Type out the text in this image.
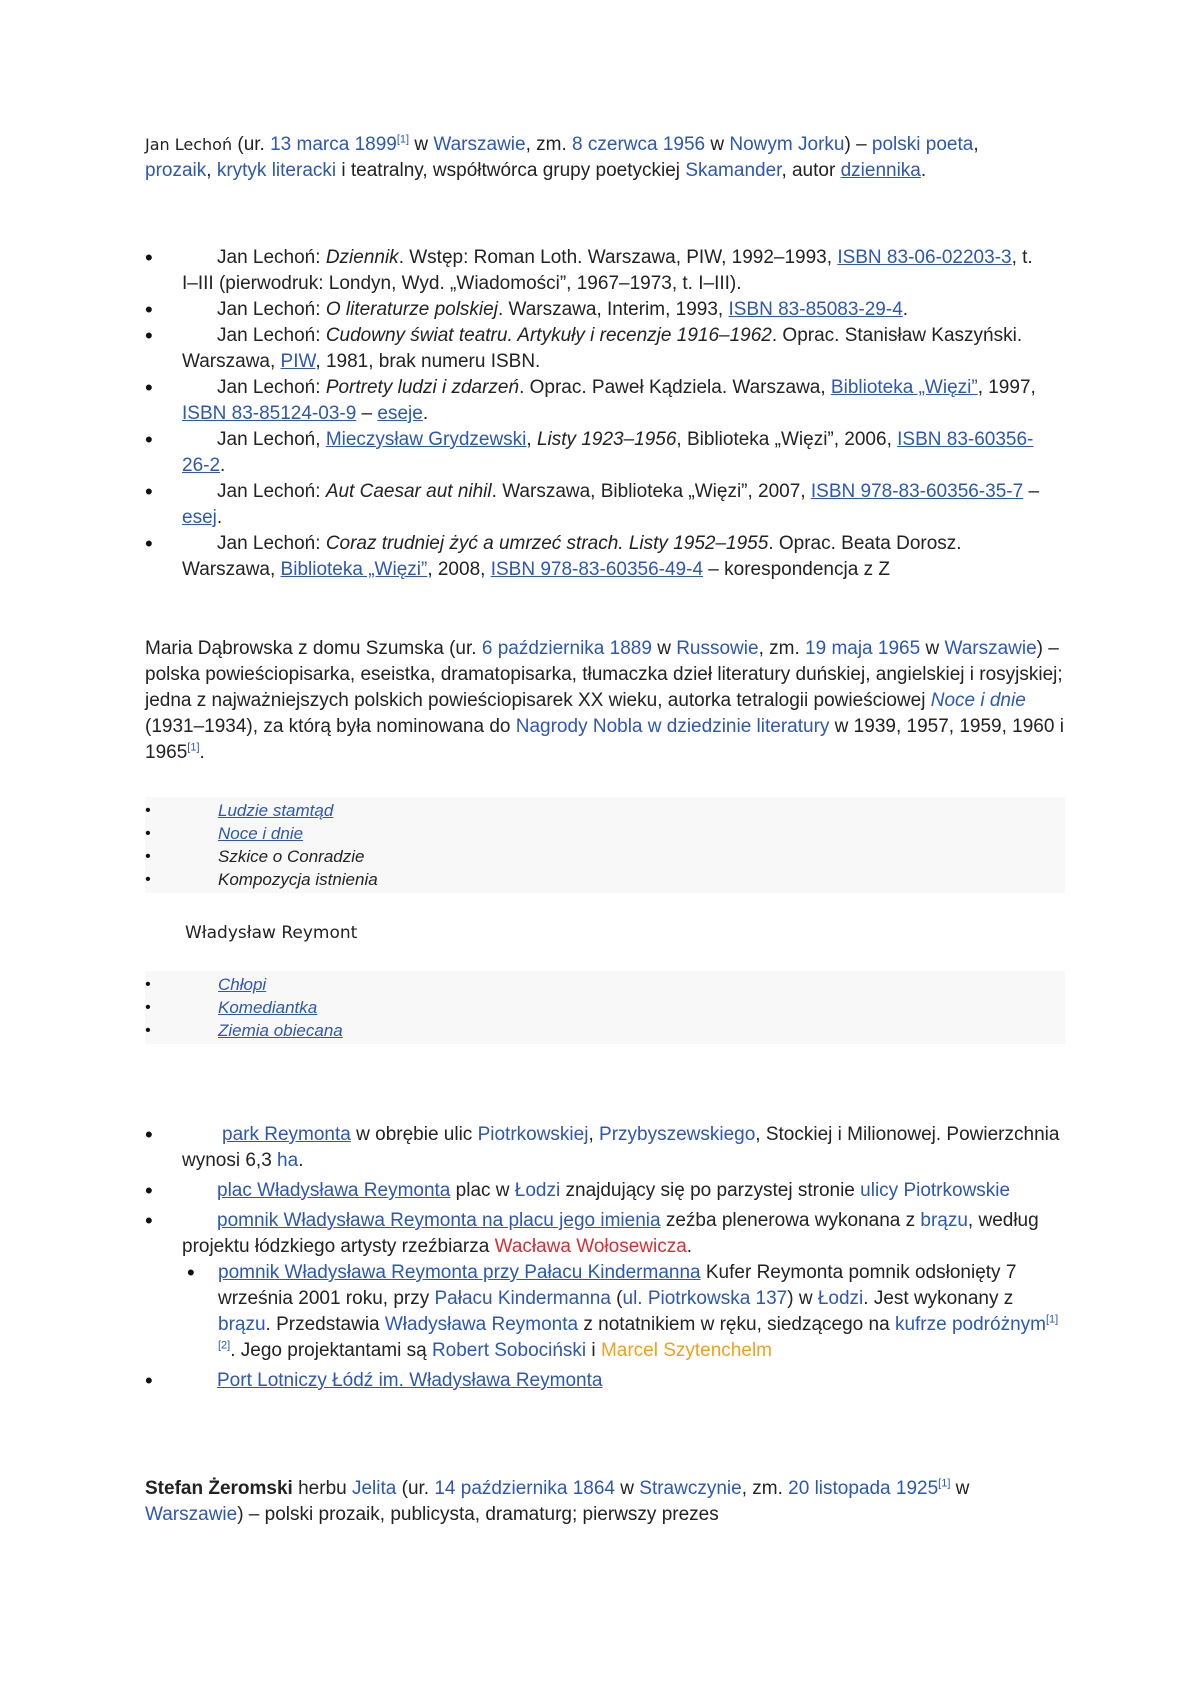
Jan Lechoń (ur. 13 marca 1899[1] w Warszawie, zm. 8 czerwca 1956 w Nowym Jorku) – polski poeta, prozaik, krytyk literacki i teatralny, współtwórca grupy poetyckiej Skamander, autor dziennika.

• Jan Lechoń: Dziennik. Wstęp: Roman Loth. Warszawa, PIW, 1992–1993, ISBN 83-06-02203-3, t. I–III (pierwodruk: Londyn, Wyd. „Wiadomości”, 1967–1973, t. I–III).
• Jan Lechoń: O literaturze polskiej. Warszawa, Interim, 1993, ISBN 83-85083-29-4.
• Jan Lechoń: Cudowny świat teatru. Artykuły i recenzje 1916–1962. Oprac. Stanisław Kaszyński. Warszawa, PIW, 1981, brak numeru ISBN.
• Jan Lechoń: Portrety ludzi i zdarzeń. Oprac. Paweł Kądziela. Warszawa, Biblioteka „Więzi”, 1997, ISBN 83-85124-03-9 – eseje.
• Jan Lechoń, Mieczysław Grydzewski, Listy 1923–1956, Biblioteka „Więzi”, 2006, ISBN 83-60356-26-2.
• Jan Lechoń: Aut Caesar aut nihil. Warszawa, Biblioteka „Więzi”, 2007, ISBN 978-83-60356-35-7 – esej.
• Jan Lechoń: Coraz trudniej żyć a umrzeć strach. Listy 1952–1955. Oprac. Beata Dorosz. Warszawa, Biblioteka „Więzi”, 2008, ISBN 978-83-60356-49-4 – korespondencja z Z

Maria Dąbrowska z domu Szumska (ur. 6 października 1889 w Russowie, zm. 19 maja 1965 w Warszawie) – polska powieściopisarka, eseistka, dramatopisarka, tłumaczka dzieł literatury duńskiej, angielskiej i rosyjskiej; jedna z najważniejszych polskich powieściopisarek XX wieku, autorka tetralogii powieściowej Noce i dnie (1931–1934), za którą była nominowana do Nagrody Nobla w dziedzinie literatury w 1939, 1957, 1959, 1960 i 1965[1].

• Ludzie stamtąd
• Noce i dnie
• Szkice o Conradzie
• Kompozycja istnienia

Władysław Reymont

• Chłopi
• Komediantka
• Ziemia obiecana
• park Reymonta w obrębie ulic Piotrkowskiej, Przybyszewskiego, Stockiej i Milionowej. Powierzchnia wynosi 6,3 ha.
• plac Władysława Reymonta plac w Łodzi znajdujący się po parzystej stronie ulicy Piotrkowskie
• pomnik Władysława Reymonta na placu jego imienia zeźba plenerowa wykonana z brązu, według projektu łódzkiego artysty rzeźbiarza Wacława Wołosewicza.
• pomnik Władysława Reymonta przy Pałacu Kindermanna Kufer Reymonta pomnik odsłonięty 7 września 2001 roku, przy Pałacu Kindermanna (ul. Piotrkowska 137) w Łodzi. Jest wykonany z brązu. Przedstawia Władysława Reymonta z notatnikiem w ręku, siedzącego na kufrze podróżnym[1][2]. Jego projektantami są Robert Sobociński i Marcel Szytenchelm
• Port Lotniczy Łódź im. Władysława Reymonta

Stefan Żeromski herbu Jelita (ur. 14 października 1864 w Strawczynie, zm. 20 listopada 1925[1] w Warszawie) – polski prozaik, publicysta, dramaturg; pierwszy prezes
